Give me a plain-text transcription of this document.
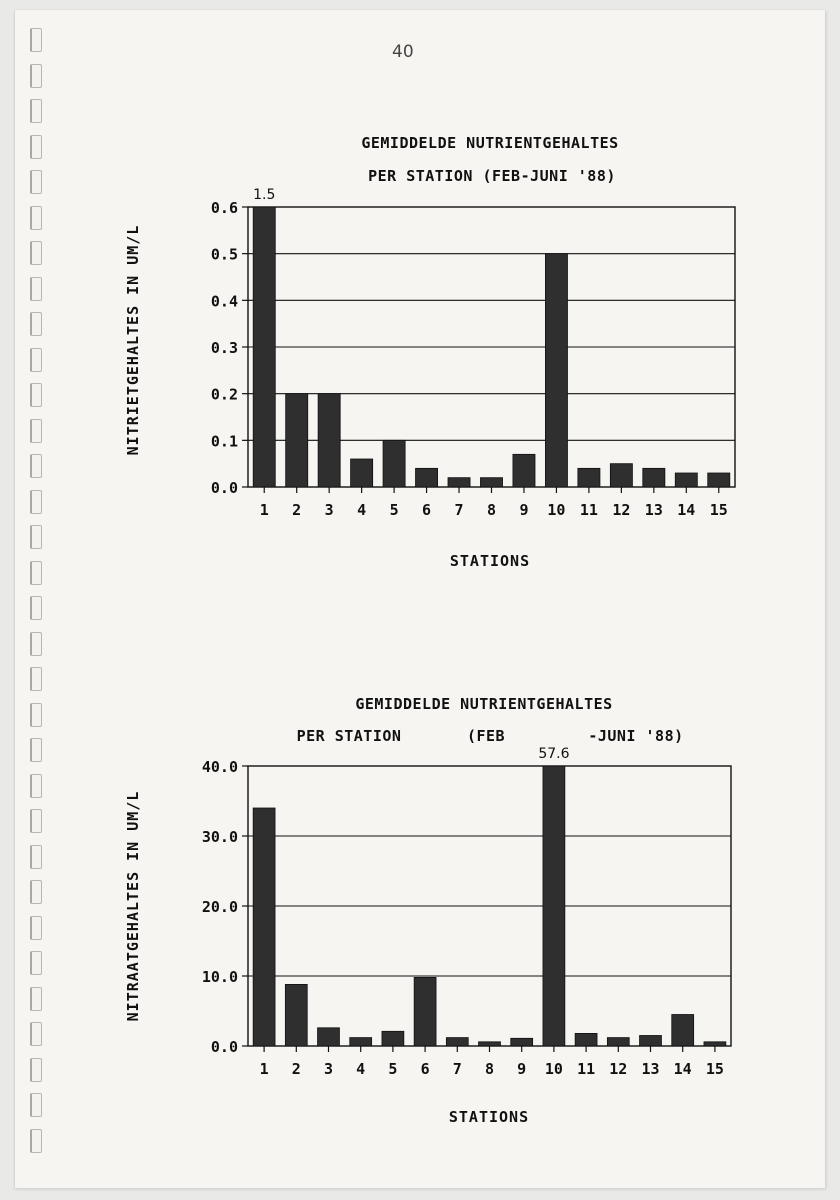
40
GEMIDDELDE NUTRIENTGEHALTES
PER STATION (FEB-JUNI '88)
NITRIETGEHALTES IN UM/L
STATIONS
0.0
0.1
0.2
0.3
0.4
0.5
0.6
1 2 3 4 5 6 7 8 9 10 11 12 13 14 15
1.5
GEMIDDELDE NUTRIENTGEHALTES
PER STATION	(FEB	-JUNI '88)
NITRAATGEHALTES IN UM/L
STATIONS
0.0
10.0
20.0
30.0
40.0
1 2 3 4 5 6 7 8 9 10 11 12 13 14 15
57.6
